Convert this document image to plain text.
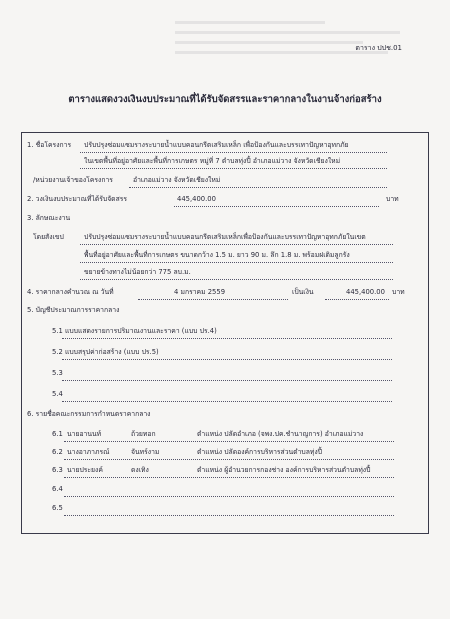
ตาราง ปปช.01
ตารางแสดงวงเงินงบประมาณที่ได้รับจัดสรรและราคากลางในงานจ้างก่อสร้าง
1. ชื่อโครงการ ปรับปรุงซ่อมแซมรางระบายน้ำแบบคอนกรีตเสริมเหล็ก เพื่อป้องกันและบรรเทาปัญหาอุทกภัย
ในเขตพื้นที่อยู่อาศัยและพื้นที่การเกษตร หมู่ที่ 7 ตำบลทุ่งปี้ อำเภอแม่วาง จังหวัดเชียงใหม่
/หน่วยงานเจ้าของโครงการ	อำเภอแม่วาง จังหวัดเชียงใหม่
2. วงเงินงบประมาณที่ได้รับจัดสรร	445,400.00	บาท
3. ลักษณะงาน
โดยสังเขป	ปรับปรุงซ่อมแซมรางระบายน้ำแบบคอนกรีตเสริมเหล็กเพื่อป้องกันและบรรเทาปัญหาอุทกภัยในเขต
พื้นที่อยู่อาศัยและพื้นที่การเกษตร ขนาดกว้าง 1.5 ม. ยาว 90 ม. ลึก 1.8 ม. พร้อมฝเติมลูกรัง
ขยายข้างทางไม่น้อยกว่า 775 ลบ.ม.
4. ราคากลางคำนวณ ณ วันที่	4 มกราคม 2559	เป็นเงิน	445,400.00 บาท
5. บัญชีประมาณการราคากลาง
5.1 แบบแสดงรายการปริมาณงานและราคา (แบบ ปร.4)
5.2 แบบสรุปค่าก่อสร้าง (แบบ ปร.5)
5.3
5.4
6. รายชื่อคณะกรรมการกำหนดราคากลาง
6.1 นายอานนท์	ถ้วยทอก	ตำแหน่ง ปลัดอำเภอ (จพง.ปค.ชำนาญการ) อำเภอแม่วาง
6.2 นางอาภาภรณ์	จันทร์งาม	ตำแหน่ง ปลัดองค์การบริหารส่วนตำบลทุ่งปี้
6.3 นายประยงค์	ดงเทิง	ตำแหน่ง ผู้อำนวยการกองช่าง องค์การบริหารส่วนตำบลทุ่งปี้
6.4
6.5
